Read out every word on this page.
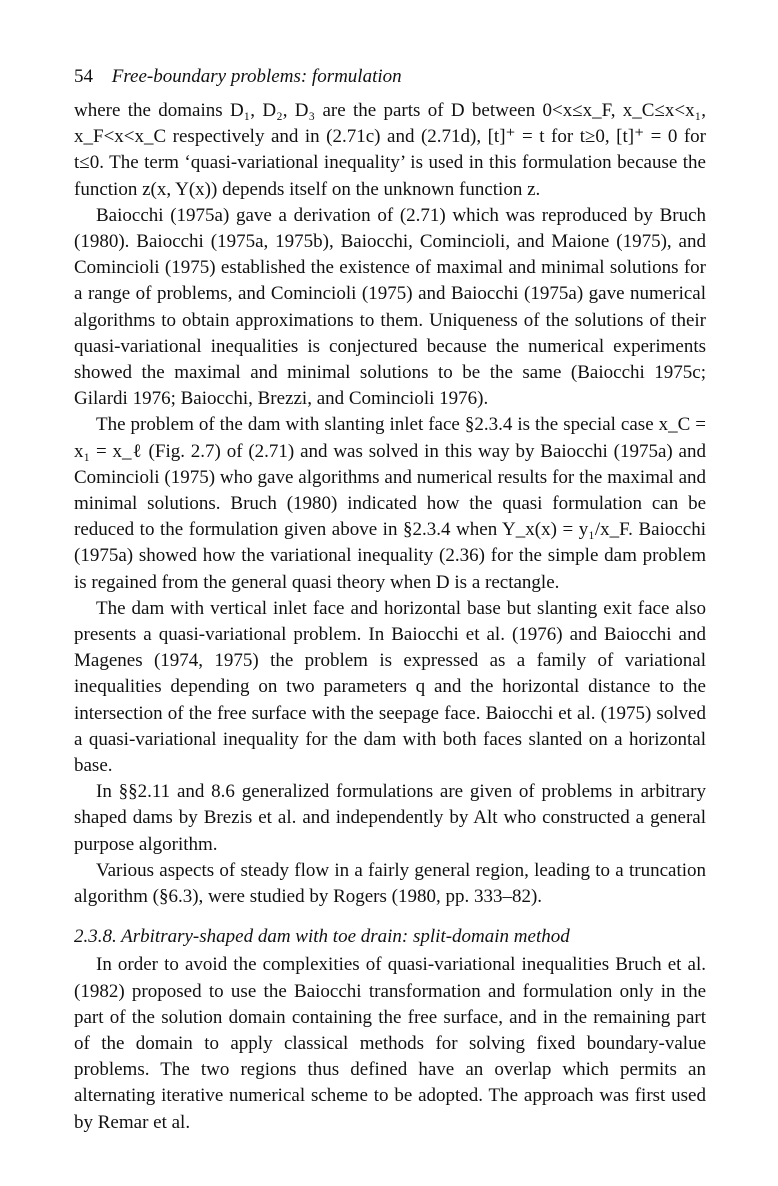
54 Free-boundary problems: formulation

where the domains D₁, D₂, D₃ are the parts of D between 0<x≤x_F, x_C≤x<x₁, x_F<x<x_C respectively and in (2.71c) and (2.71d), [t]⁺ = t for t≥0, [t]⁺ = 0 for t≤0. The term ‘quasi-variational inequality’ is used in this formulation because the function z(x, Y(x)) depends itself on the unknown function z.

Baiocchi (1975a) gave a derivation of (2.71) which was reproduced by Bruch (1980). Baiocchi (1975a, 1975b), Baiocchi, Comincioli, and Maione (1975), and Comincioli (1975) established the existence of maximal and minimal solutions for a range of problems, and Comincioli (1975) and Baiocchi (1975a) gave numerical algorithms to obtain approximations to them. Uniqueness of the solutions of their quasi-variational inequalities is conjectured because the numerical experiments showed the maximal and minimal solutions to be the same (Baiocchi 1975c; Gilardi 1976; Baiocchi, Brezzi, and Comincioli 1976).

The problem of the dam with slanting inlet face §2.3.4 is the special case x_C = x₁ = x_ℓ (Fig. 2.7) of (2.71) and was solved in this way by Baiocchi (1975a) and Comincioli (1975) who gave algorithms and numerical results for the maximal and minimal solutions. Bruch (1980) indicated how the quasi formulation can be reduced to the formulation given above in §2.3.4 when Y_x(x) = y₁/x_F. Baiocchi (1975a) showed how the variational inequality (2.36) for the simple dam problem is regained from the general quasi theory when D is a rectangle.

The dam with vertical inlet face and horizontal base but slanting exit face also presents a quasi-variational problem. In Baiocchi et al. (1976) and Baiocchi and Magenes (1974, 1975) the problem is expressed as a family of variational inequalities depending on two parameters q and the horizontal distance to the intersection of the free surface with the seepage face. Baiocchi et al. (1975) solved a quasi-variational inequality for the dam with both faces slanted on a horizontal base.

In §§2.11 and 8.6 generalized formulations are given of problems in arbitrary shaped dams by Brezis et al. and independently by Alt who constructed a general purpose algorithm.

Various aspects of steady flow in a fairly general region, leading to a truncation algorithm (§6.3), were studied by Rogers (1980, pp. 333–82).

2.3.8. Arbitrary-shaped dam with toe drain: split-domain method

In order to avoid the complexities of quasi-variational inequalities Bruch et al. (1982) proposed to use the Baiocchi transformation and formulation only in the part of the solution domain containing the free surface, and in the remaining part of the domain to apply classical methods for solving fixed boundary-value problems. The two regions thus defined have an overlap which permits an alternating iterative numerical scheme to be adopted. The approach was first used by Remar et al.
